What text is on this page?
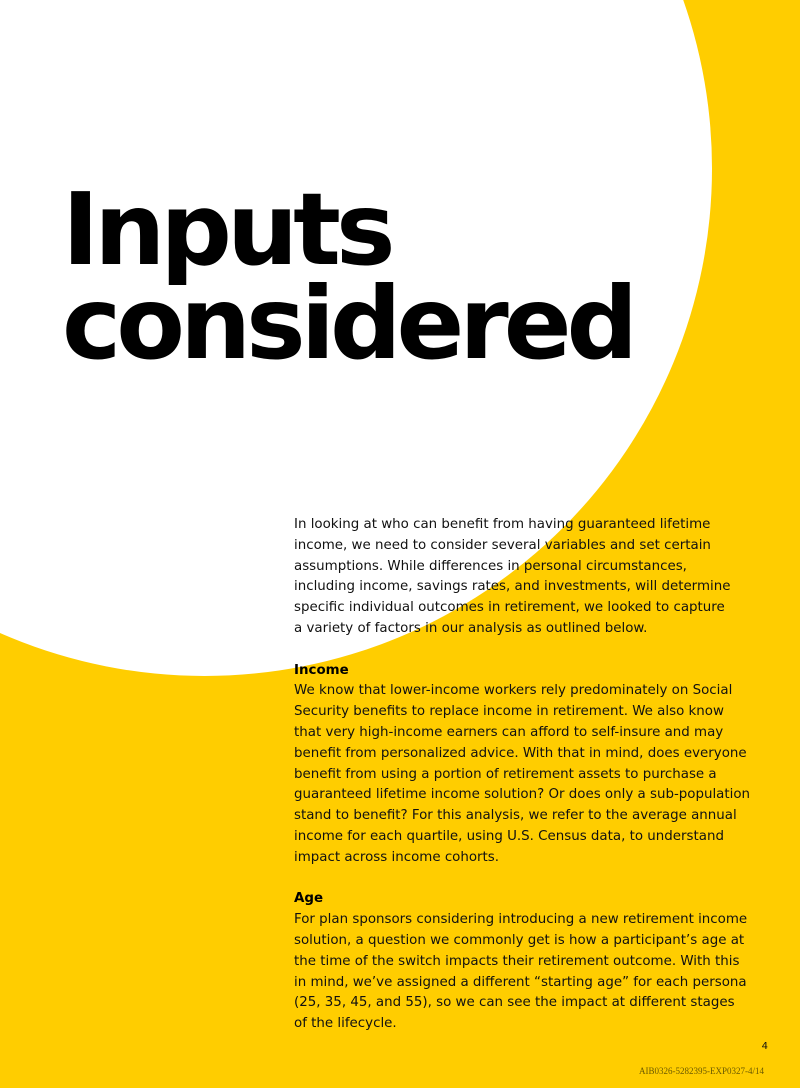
Inputs
considered.

In looking at who can benefit from having guaranteed lifetime
income, we need to consider several variables and set certain
assumptions. While differences in personal circumstances,
including income, savings rates, and investments, will determine
specific individual outcomes in retirement, we looked to capture
a variety of factors in our analysis as outlined below.

Income

We know that lower-income workers rely predominately on Social
Security benefits to replace income in retirement. We also know
that very high-income earners can afford to self-insure and may
benefit from personalized advice. With that in mind, does everyone
benefit from using a portion of retirement assets to purchase a
guaranteed lifetime income solution? Or does only a sub-population
stand to benefit? For this analysis, we refer to the average annual
income for each quartile, using U.S. Census data, to understand
impact across income cohorts.

Age

For plan sponsors considering introducing a new retirement income
solution, a question we commonly get is how a participant’s age at
the time of the switch impacts their retirement outcome. With this
in mind, we’ve assigned a different “starting age” for each persona
(25, 35, 45, and 55), so we can see the impact at different stages
of the lifecycle.

4
AIB0326-5282395-EXP0327-4/14
